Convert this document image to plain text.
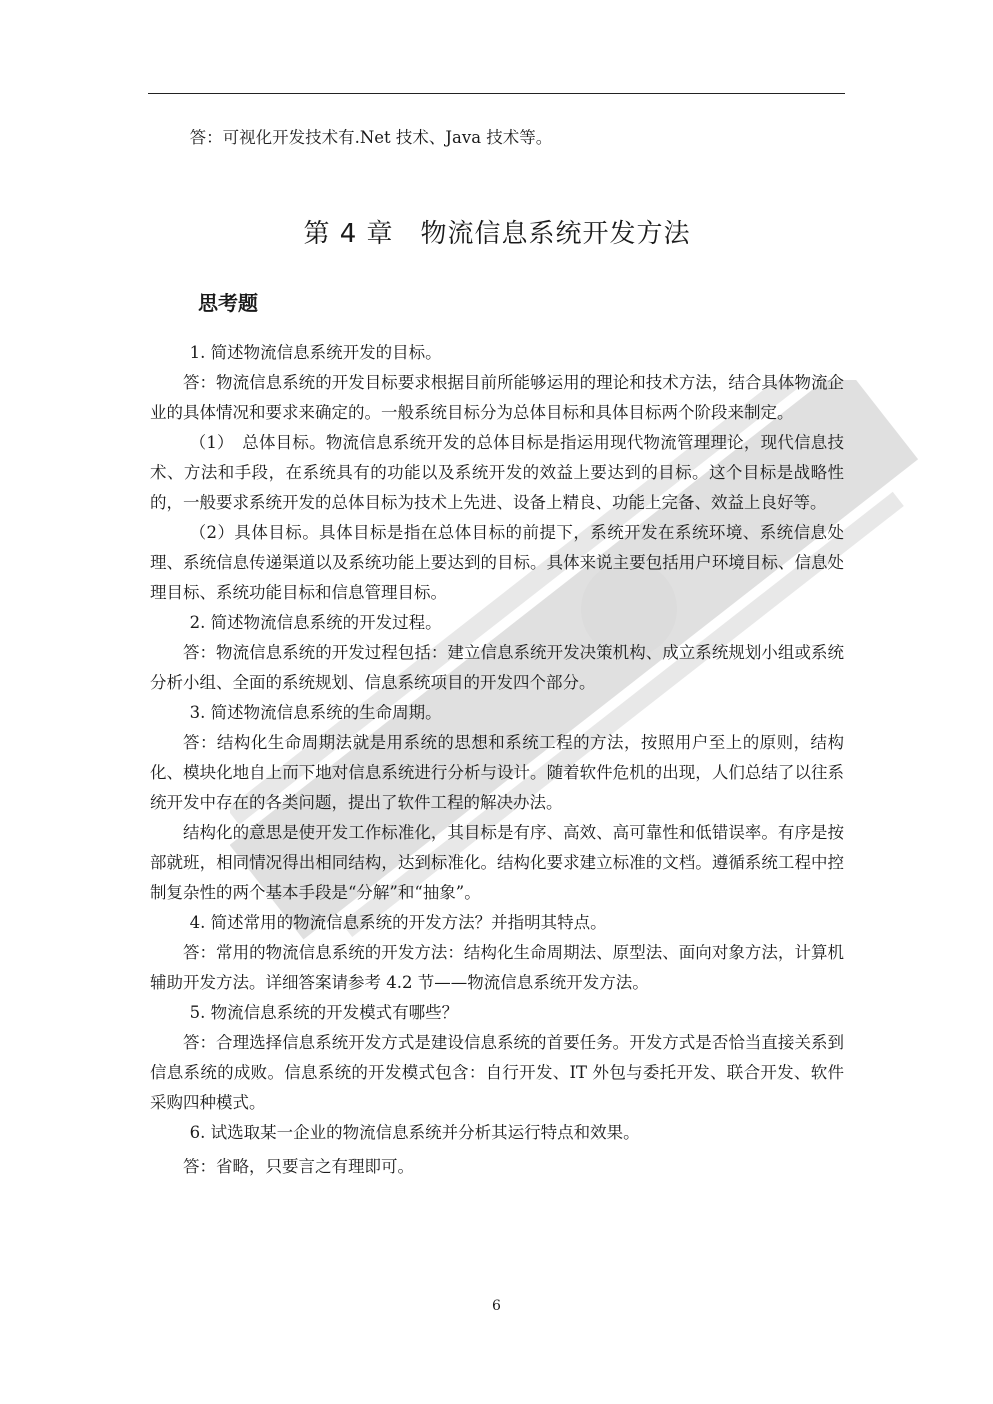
答：可视化开发技术有.Net 技术、Java 技术等。

第 4 章　物流信息系统开发方法
思考题

1. 简述物流信息系统开发的目标。

答：物流信息系统的开发目标要求根据目前所能够运用的理论和技术方法，结合具体物流企业的具体情况和要求来确定的。一般系统目标分为总体目标和具体目标两个阶段来制定。

（1）　总体目标。物流信息系统开发的总体目标是指运用现代物流管理理论，现代信息技术、方法和手段，在系统具有的功能以及系统开发的效益上要达到的目标。这个目标是战略性的，一般要求系统开发的总体目标为技术上先进、设备上精良、功能上完备、效益上良好等。

（2）具体目标。具体目标是指在总体目标的前提下，系统开发在系统环境、系统信息处理、系统信息传递渠道以及系统功能上要达到的目标。具体来说主要包括用户环境目标、信息处理目标、系统功能目标和信息管理目标。

2. 简述物流信息系统的开发过程。

答：物流信息系统的开发过程包括：建立信息系统开发决策机构、成立系统规划小组或系统分析小组、全面的系统规划、信息系统项目的开发四个部分。

3. 简述物流信息系统的生命周期。

答：结构化生命周期法就是用系统的思想和系统工程的方法，按照用户至上的原则，结构化、模块化地自上而下地对信息系统进行分析与设计。随着软件危机的出现，人们总结了以往系统开发中存在的各类问题，提出了软件工程的解决办法。

结构化的意思是使开发工作标准化，其目标是有序、高效、高可靠性和低错误率。有序是按部就班，相同情况得出相同结构，达到标准化。结构化要求建立标准的文档。遵循系统工程中控制复杂性的两个基本手段是“分解”和“抽象”。

4. 简述常用的物流信息系统的开发方法？并指明其特点。

答：常用的物流信息系统的开发方法：结构化生命周期法、原型法、面向对象方法，计算机辅助开发方法。详细答案请参考 4.2 节——物流信息系统开发方法。

5. 物流信息系统的开发模式有哪些？

答：合理选择信息系统开发方式是建设信息系统的首要任务。开发方式是否恰当直接关系到信息系统的成败。信息系统的开发模式包含：自行开发、IT 外包与委托开发、联合开发、软件采购四种模式。

6. 试选取某一企业的物流信息系统并分析其运行特点和效果。

答：省略，只要言之有理即可。

6
